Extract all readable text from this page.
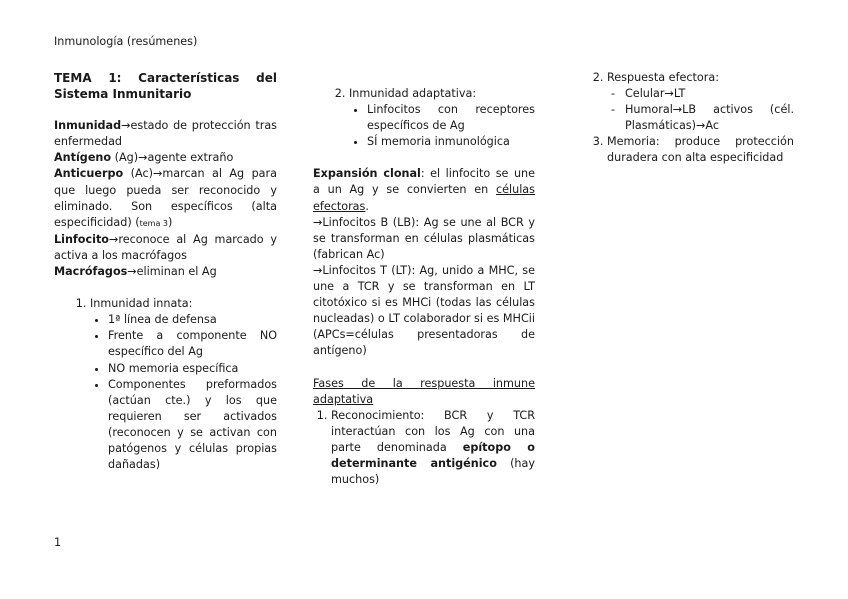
Inmunología (resúmenes)
TEMA 1: Características del Sistema Inmunitario
Inmunidad→estado de protección tras enfermedad
Antígeno (Ag)→agente extraño
Anticuerpo (Ac)→marcan al Ag para que luego pueda ser reconocido y eliminado. Son específicos (alta especificidad) (tema 3)
Linfocito→reconoce al Ag marcado y activa a los macrófagos
Macrófagos→eliminan el Ag
1. Inmunidad innata:
• 1ª línea de defensa
• Frente a componente NO específico del Ag
• NO memoria específica
• Componentes preformados (actúan cte.) y los que requieren ser activados (reconocen y se activan con patógenos y células propias dañadas)
2. Inmunidad adaptativa:
• Linfocitos con receptores específicos de Ag
• SÍ memoria inmunológica
Expansión clonal: el linfocito se une a un Ag y se convierten en células efectoras.
→Linfocitos B (LB): Ag se une al BCR y se transforman en células plasmáticas (fabrican Ac)
→Linfocitos T (LT): Ag, unido a MHC, se une a TCR y se transforman en LT citotóxico si es MHCi (todas las células nucleadas) o LT colaborador si es MHCii (APCs=células presentadoras de antígeno)
Fases de la respuesta inmune adaptativa
1. Reconocimiento: BCR y TCR interactúan con los Ag con una parte denominada epítopo o determinante antigénico (hay muchos)
2. Respuesta efectora:
- Celular→LT
- Humoral→LB activos (cél. Plasmáticas)→Ac
3. Memoria: produce protección duradera con alta especificidad
1
